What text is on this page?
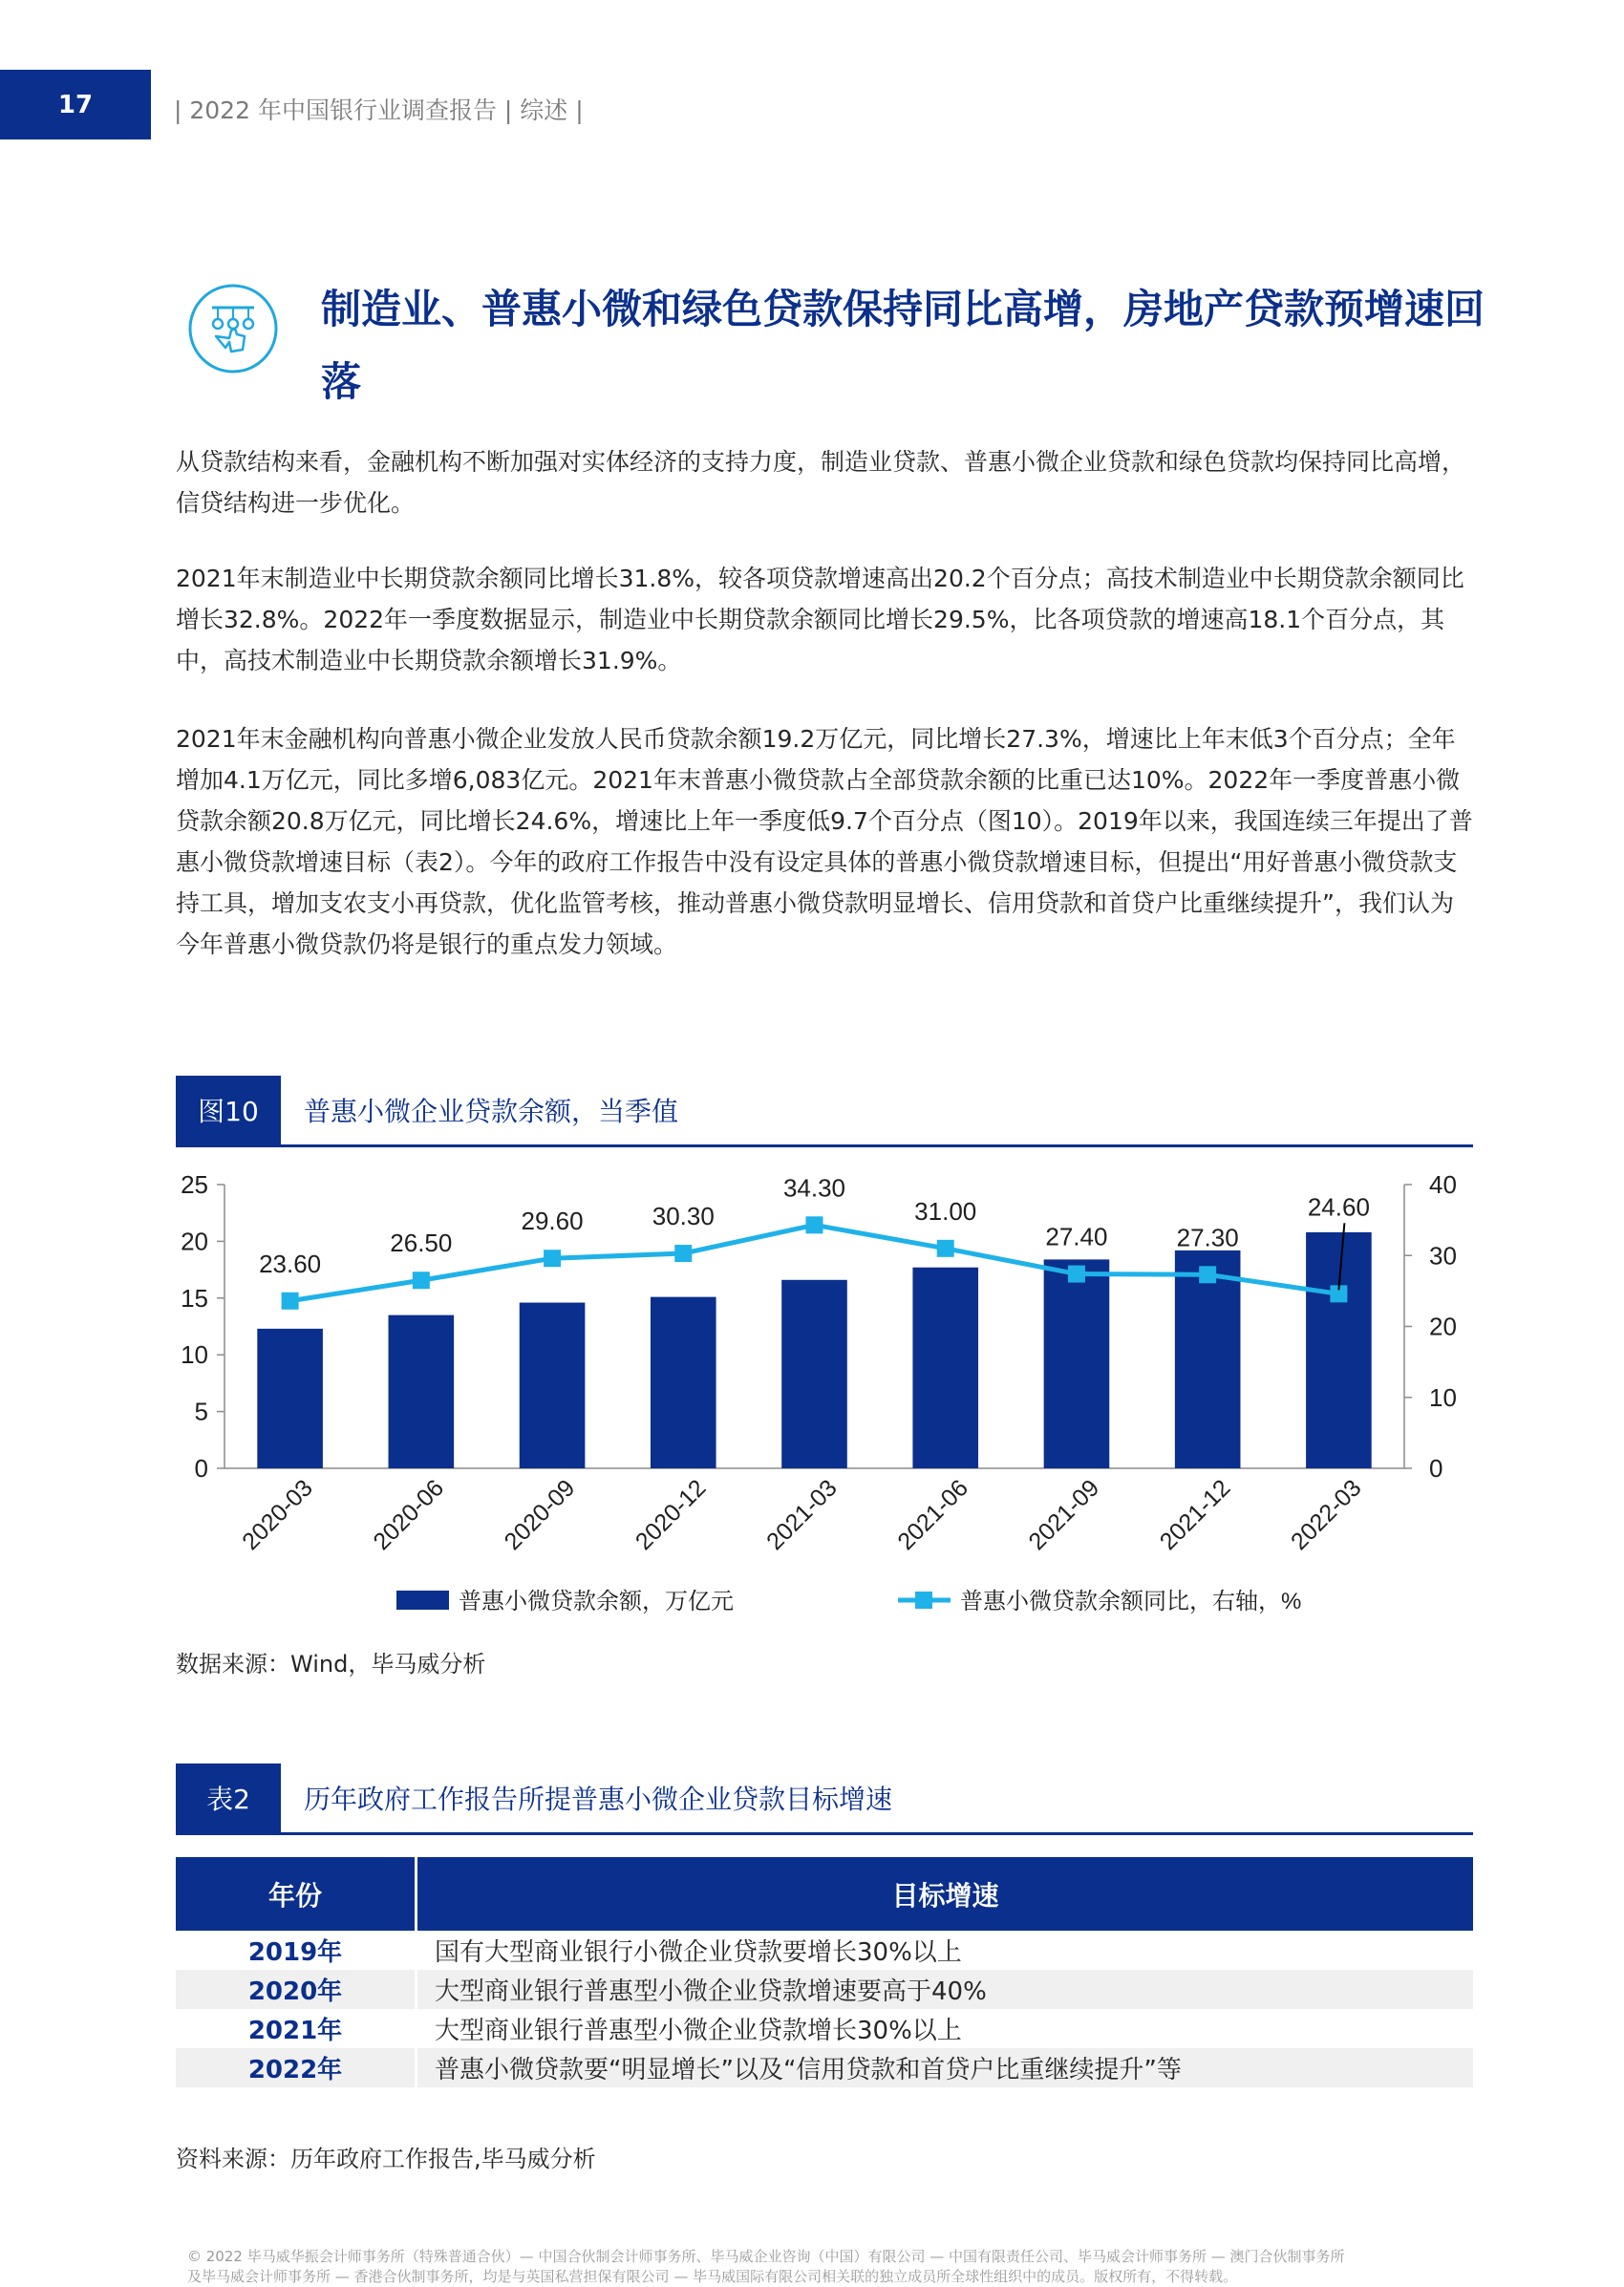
17	| 2022 年中国银行业调查报告 | 综述 |
制造业、普惠小微和绿色贷款保持同比高增，房地产贷款预增速回落
从贷款结构来看，金融机构不断加强对实体经济的支持力度，制造业贷款、普惠小微企业贷款和绿色贷款均保持同比高增，信贷结构进一步优化。
2021年末制造业中长期贷款余额同比增长31.8%，较各项贷款增速高出20.2个百分点；高技术制造业中长期贷款余额同比增长32.8%。2022年一季度数据显示，制造业中长期贷款余额同比增长29.5%，比各项贷款的增速高18.1个百分点，其中，高技术制造业中长期贷款余额增长31.9%。
2021年末金融机构向普惠小微企业发放人民币贷款余额19.2万亿元，同比增长27.3%，增速比上年末低3个百分点；全年增加4.1万亿元，同比多增6,083亿元。2021年末普惠小微贷款占全部贷款余额的比重已达10%。2022年一季度普惠小微贷款余额20.8万亿元，同比增长24.6%，增速比上年一季度低9.7个百分点（图10）。2019年以来，我国连续三年提出了普惠小微贷款增速目标（表2）。今年的政府工作报告中没有设定具体的普惠小微贷款增速目标，但提出“用好普惠小微贷款支持工具，增加支农支小再贷款，优化监管考核，推动普惠小微贷款明显增长、信用贷款和首贷户比重继续提升”，我们认为今年普惠小微贷款仍将是银行的重点发力领域。
图10	普惠小微企业贷款余额，当季值
0
5
10
15
20
25
0
10
20
30
40
2020-03 2020-06 2020-09 2020-12 2021-03 2021-06 2021-09 2021-12 2022-03
23.60
26.50
29.60	30.30
34.30
31.00
27.40	27.30
24.60
普惠小微贷款余额，万亿元	普惠小微贷款余额同比，右轴，%
数据来源：Wind，毕马威分析
表2	历年政府工作报告所提普惠小微企业贷款目标增速
年份	目标增速
2019年	国有大型商业银行小微企业贷款要增长30%以上
2020年	大型商业银行普惠型小微企业贷款增速要高于40%
2021年	大型商业银行普惠型小微企业贷款增长30%以上
2022年	普惠小微贷款要“明显增长”以及“信用贷款和首贷户比重继续提升”等
资料来源：历年政府工作报告,毕马威分析
© 2022 毕马威华振会计师事务所（特殊普通合伙）— 中国合伙制会计师事务所、毕马威企业咨询（中国）有限公司 — 中国有限责任公司、毕马威会计师事务所 — 澳门合伙制事务所
及毕马威会计师事务所 — 香港合伙制事务所，均是与英国私营担保有限公司 — 毕马威国际有限公司相关联的独立成员所全球性组织中的成员。版权所有，不得转载。
